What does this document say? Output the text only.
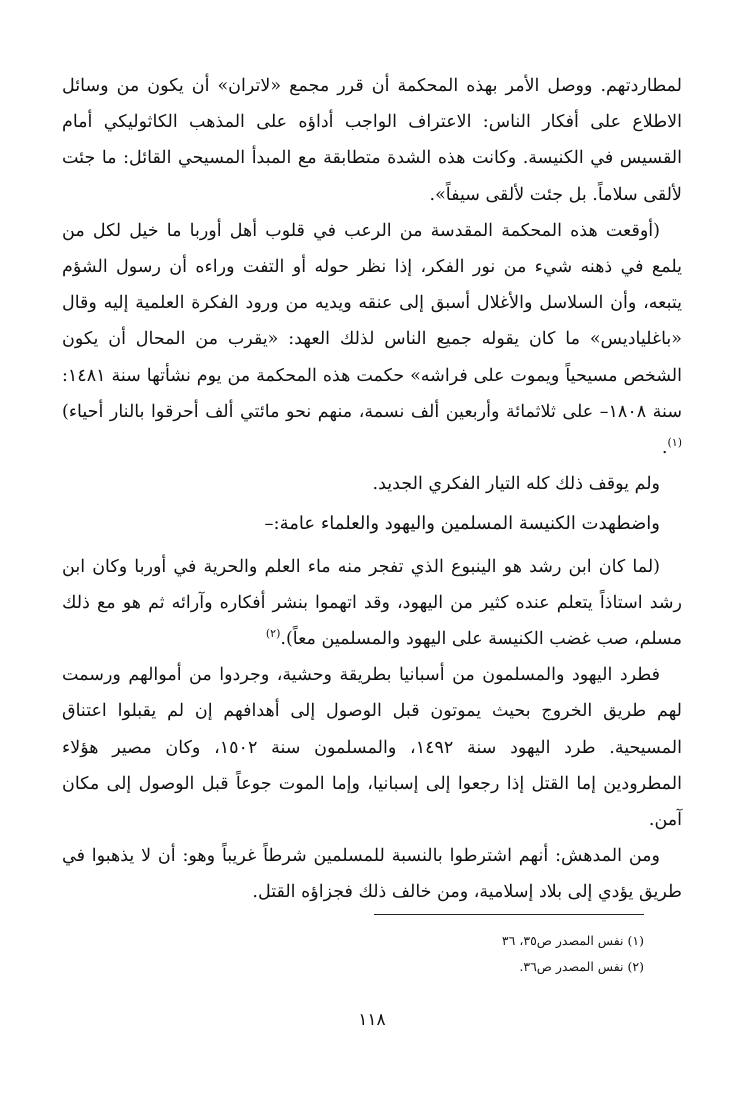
لمطاردتهم. ووصل الأمر بهذه المحكمة أن قرر مجمع «لاتران» أن يكون من وسائل الاطلاع على أفكار الناس: الاعتراف الواجب أداؤه على المذهب الكاثوليكي أمام القسيس في الكنيسة. وكانت هذه الشدة متطابقة مع المبدأ المسيحي القائل: ما جئت لألقى سلاماً. بل جئت لألقى سيفاً».

(أوقعت هذه المحكمة المقدسة من الرعب في قلوب أهل أوربا ما خيل لكل من يلمع في ذهنه شيء من نور الفكر، إذا نظر حوله أو التفت وراءه أن رسول الشؤم يتبعه، وأن السلاسل والأغلال أسبق إلى عنقه ويديه من ورود الفكرة العلمية إليه وقال «باغلياديس» ما كان يقوله جميع الناس لذلك العهد: «يقرب من المحال أن يكون الشخص مسيحياً ويموت على فراشه» حكمت هذه المحكمة من يوم نشأتها سنة ١٤٨١: سنة ١٨٠٨– على ثلاثمائة وأربعين ألف نسمة، منهم نحو مائتي ألف أحرقوا بالنار أحياء)$^{(١)}$.

ولم يوقف ذلك كله التيار الفكري الجديد.

واضطهدت الكنيسة المسلمين واليهود والعلماء عامة:–

(لما كان ابن رشد هو الينبوع الذي تفجر منه ماء العلم والحرية في أوربا وكان ابن رشد استاذاً يتعلم عنده كثير من اليهود، وقد اتهموا بنشر أفكاره وآرائه ثم هو مع ذلك مسلم، صب غضب الكنيسة على اليهود والمسلمين معاً).$^{(٢)}$

فطرد اليهود والمسلمون من أسبانيا بطريقة وحشية، وجردوا من أموالهم ورسمت لهم طريق الخروج بحيث يموتون قبل الوصول إلى أهدافهم إن لم يقبلوا اعتناق المسيحية. طرد اليهود سنة ١٤٩٢، والمسلمون سنة ١٥٠٢، وكان مصير هؤلاء المطرودين إما القتل إذا رجعوا إلى إسبانيا، وإما الموت جوعاً قبل الوصول إلى مكان آمن.

ومن المدهش: أنهم اشترطوا بالنسبة للمسلمين شرطاً غريباً وهو: أن لا يذهبوا في طريق يؤدي إلى بلاد إسلامية، ومن خالف ذلك فجزاؤه القتل.

(١) نفس المصدر ص٣٥، ٣٦

(٢) نفس المصدر ص٣٦.

١١٨
